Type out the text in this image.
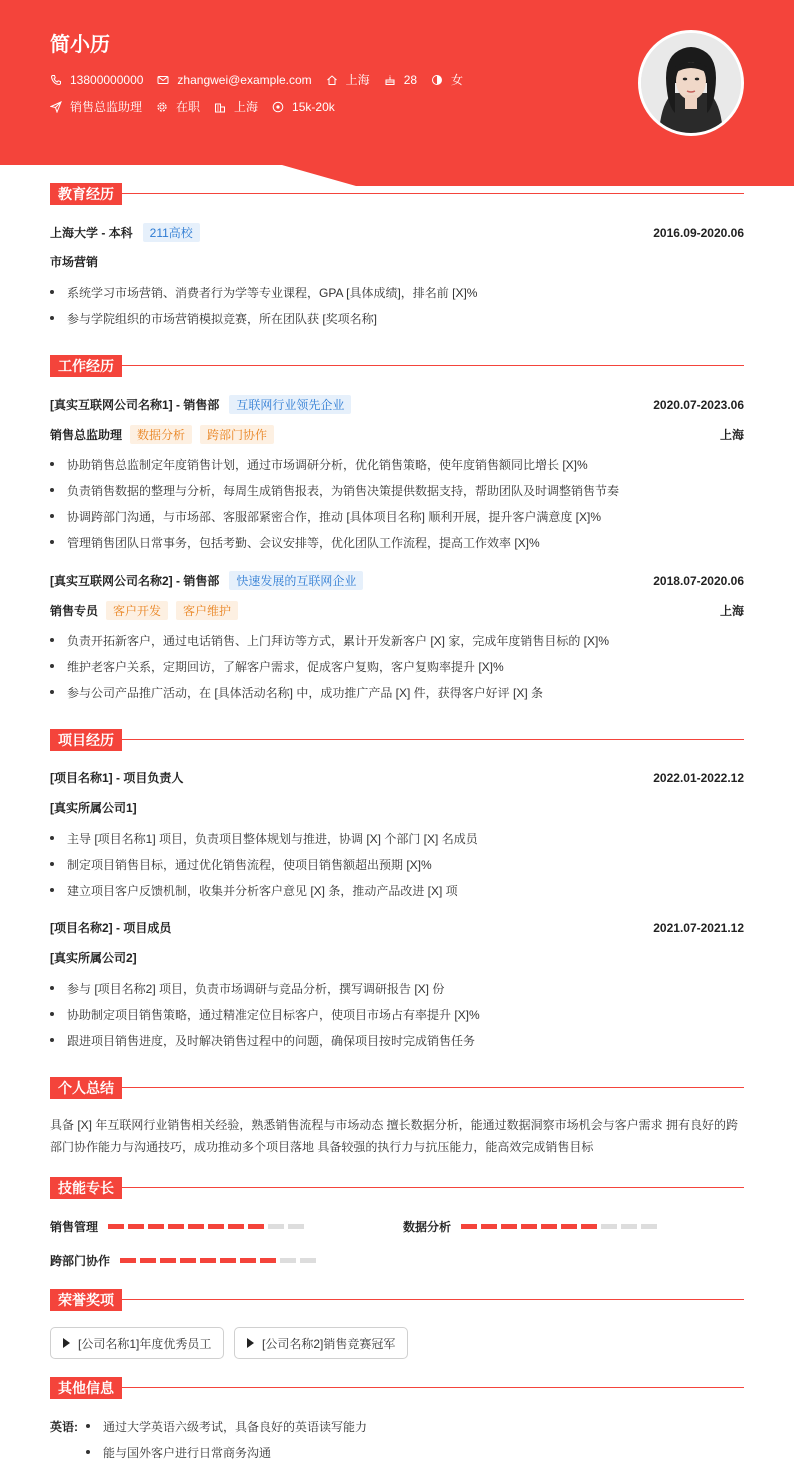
简小历
13800000000	zhangwei@example.com	上海	28	女
销售总监助理	在职	上海	15k-20k
教育经历
上海大学 - 本科	211高校	2016.09-2020.06
市场营销
系统学习市场营销、消费者行为学等专业课程，GPA [具体成绩]，排名前 [X]%
参与学院组织的市场营销模拟竞赛，所在团队获 [奖项名称]
工作经历
[真实互联网公司名称1] - 销售部	互联网行业领先企业	2020.07-2023.06
销售总监助理	数据分析	跨部门协作	上海
协助销售总监制定年度销售计划，通过市场调研分析，优化销售策略，使年度销售额同比增长 [X]%
负责销售数据的整理与分析，每周生成销售报表，为销售决策提供数据支持，帮助团队及时调整销售节奏
协调跨部门沟通，与市场部、客服部紧密合作，推动 [具体项目名称] 顺利开展，提升客户满意度 [X]%
管理销售团队日常事务，包括考勤、会议安排等，优化团队工作流程，提高工作效率 [X]%
[真实互联网公司名称2] - 销售部	快速发展的互联网企业	2018.07-2020.06
销售专员	客户开发	客户维护	上海
负责开拓新客户，通过电话销售、上门拜访等方式，累计开发新客户 [X] 家，完成年度销售目标的 [X]%
维护老客户关系，定期回访，了解客户需求，促成客户复购，客户复购率提升 [X]%
参与公司产品推广活动，在 [具体活动名称] 中，成功推广产品 [X] 件，获得客户好评 [X] 条
项目经历
[项目名称1] - 项目负责人	2022.01-2022.12
[真实所属公司1]
主导 [项目名称1] 项目，负责项目整体规划与推进，协调 [X] 个部门 [X] 名成员
制定项目销售目标，通过优化销售流程，使项目销售额超出预期 [X]%
建立项目客户反馈机制，收集并分析客户意见 [X] 条，推动产品改进 [X] 项
[项目名称2] - 项目成员	2021.07-2021.12
[真实所属公司2]
参与 [项目名称2] 项目，负责市场调研与竞品分析，撰写调研报告 [X] 份
协助制定项目销售策略，通过精准定位目标客户，使项目市场占有率提升 [X]%
跟进项目销售进度，及时解决销售过程中的问题，确保项目按时完成销售任务
个人总结
具备 [X] 年互联网行业销售相关经验，熟悉销售流程与市场动态 擅长数据分析，能通过数据洞察市场机会与客户需求 拥有良好的跨部门协作能力与沟通技巧，成功推动多个项目落地 具备较强的执行力与抗压能力，能高效完成销售目标
技能专长
销售管理	数据分析
跨部门协作
荣誉奖项
[公司名称1]年度优秀员工	[公司名称2]销售竞赛冠军
其他信息
英语:	通过大学英语六级考试，具备良好的英语读写能力
能与国外客户进行日常商务沟通
